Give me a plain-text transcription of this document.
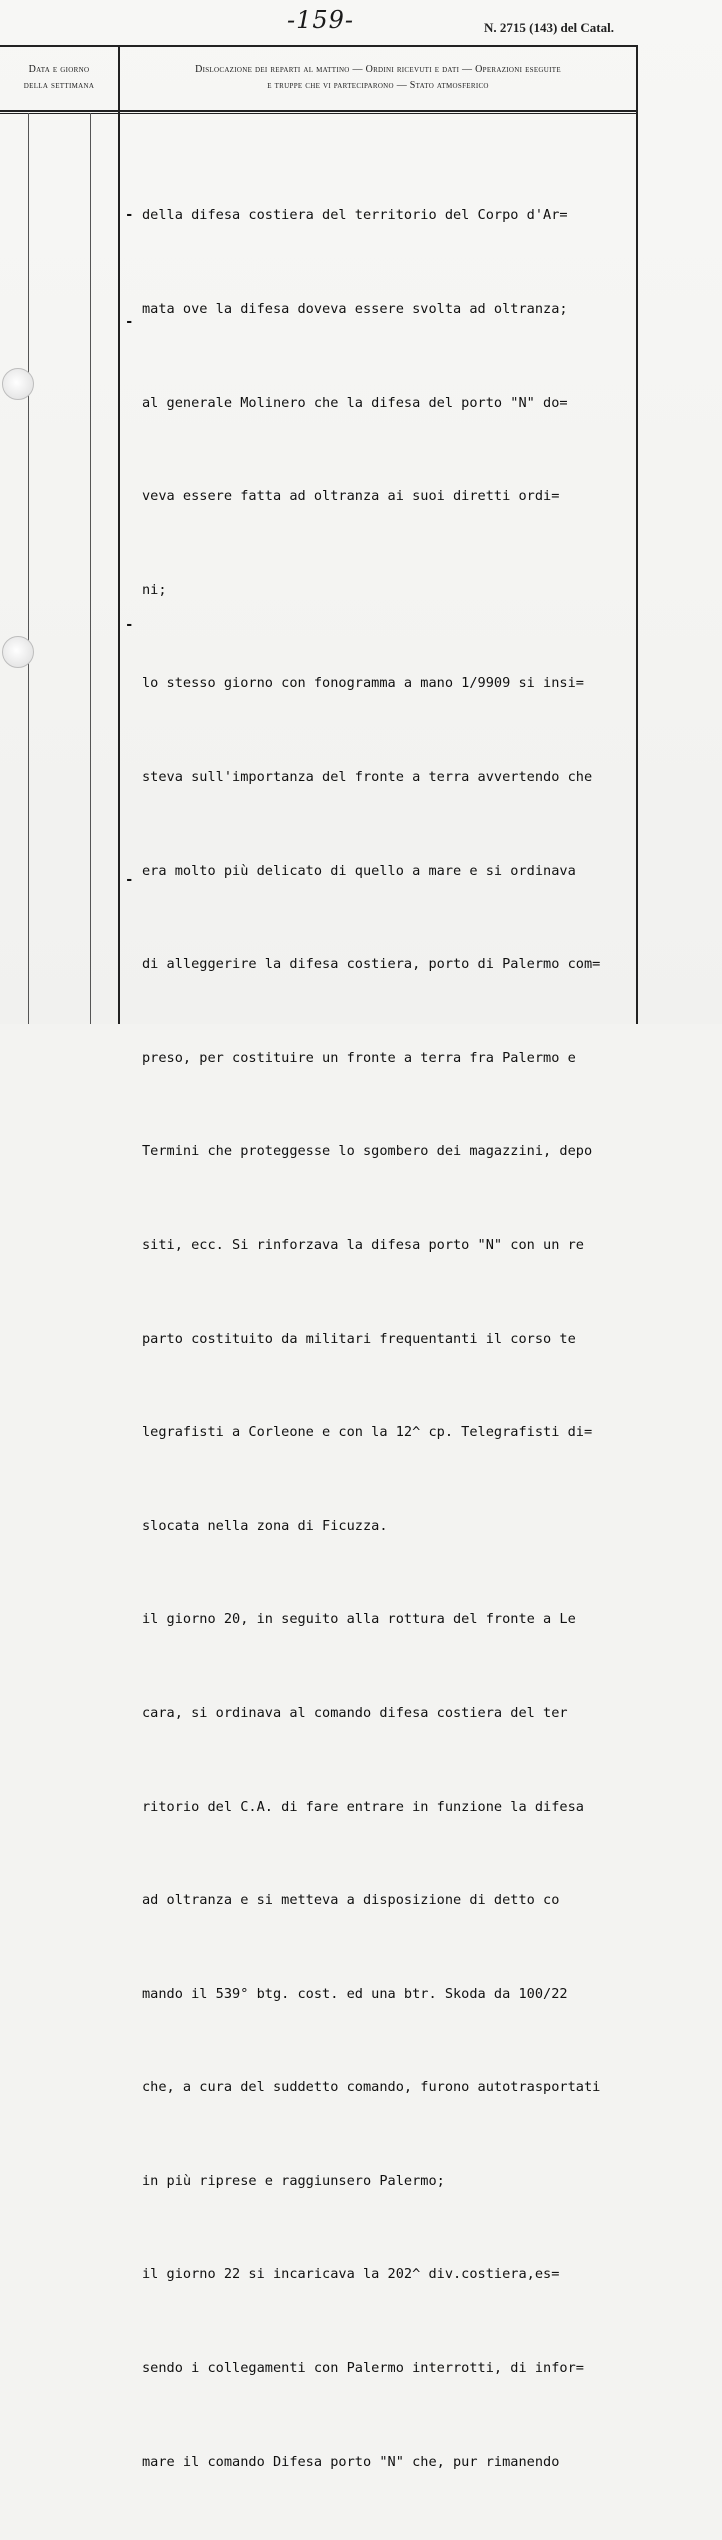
-159-	N. 2715 (143) del Catal.
Data e giorno
della settimana
Dislocazione dei reparti al mattino — Ordini ricevuti e dati — Operazioni eseguite
e truppe che vi parteciparono — Stato atmosferico
-
-
-
-

della difesa costiera del territorio del Corpo d'Ar=

mata ove la difesa doveva essere svolta ad oltranza;

al generale Molinero che la difesa del porto "N" do=

veva essere fatta ad oltranza ai suoi diretti ordi=

ni;

lo stesso giorno con fonogramma a mano 1/9909 si insi=

steva sull'importanza del fronte a terra avvertendo che

era molto più delicato di quello a mare e si ordinava

di alleggerire la difesa costiera, porto di Palermo com=

preso, per costituire un fronte a terra fra Palermo e

Termini che proteggesse lo sgombero dei magazzini, depo

siti, ecc. Si rinforzava la difesa porto "N" con un re

parto costituito da militari frequentanti il corso te

legrafisti a Corleone e con la 12^ cp. Telegrafisti di=

slocata nella zona di Ficuzza.

il giorno 20, in seguito alla rottura del fronte a Le

cara, si ordinava al comando difesa costiera del ter

ritorio del C.A. di fare entrare in funzione la difesa

ad oltranza e si metteva a disposizione di detto co

mando il 539° btg. cost. ed una btr. Skoda da 100/22

che, a cura del suddetto comando, furono autotrasportati

in più riprese e raggiunsero Palermo;

il giorno 22 si incaricava la 202^ div.costiera,es=

sendo i collegamenti con Palermo interrotti, di infor=

mare il comando Difesa porto "N" che, pur rimanendo
